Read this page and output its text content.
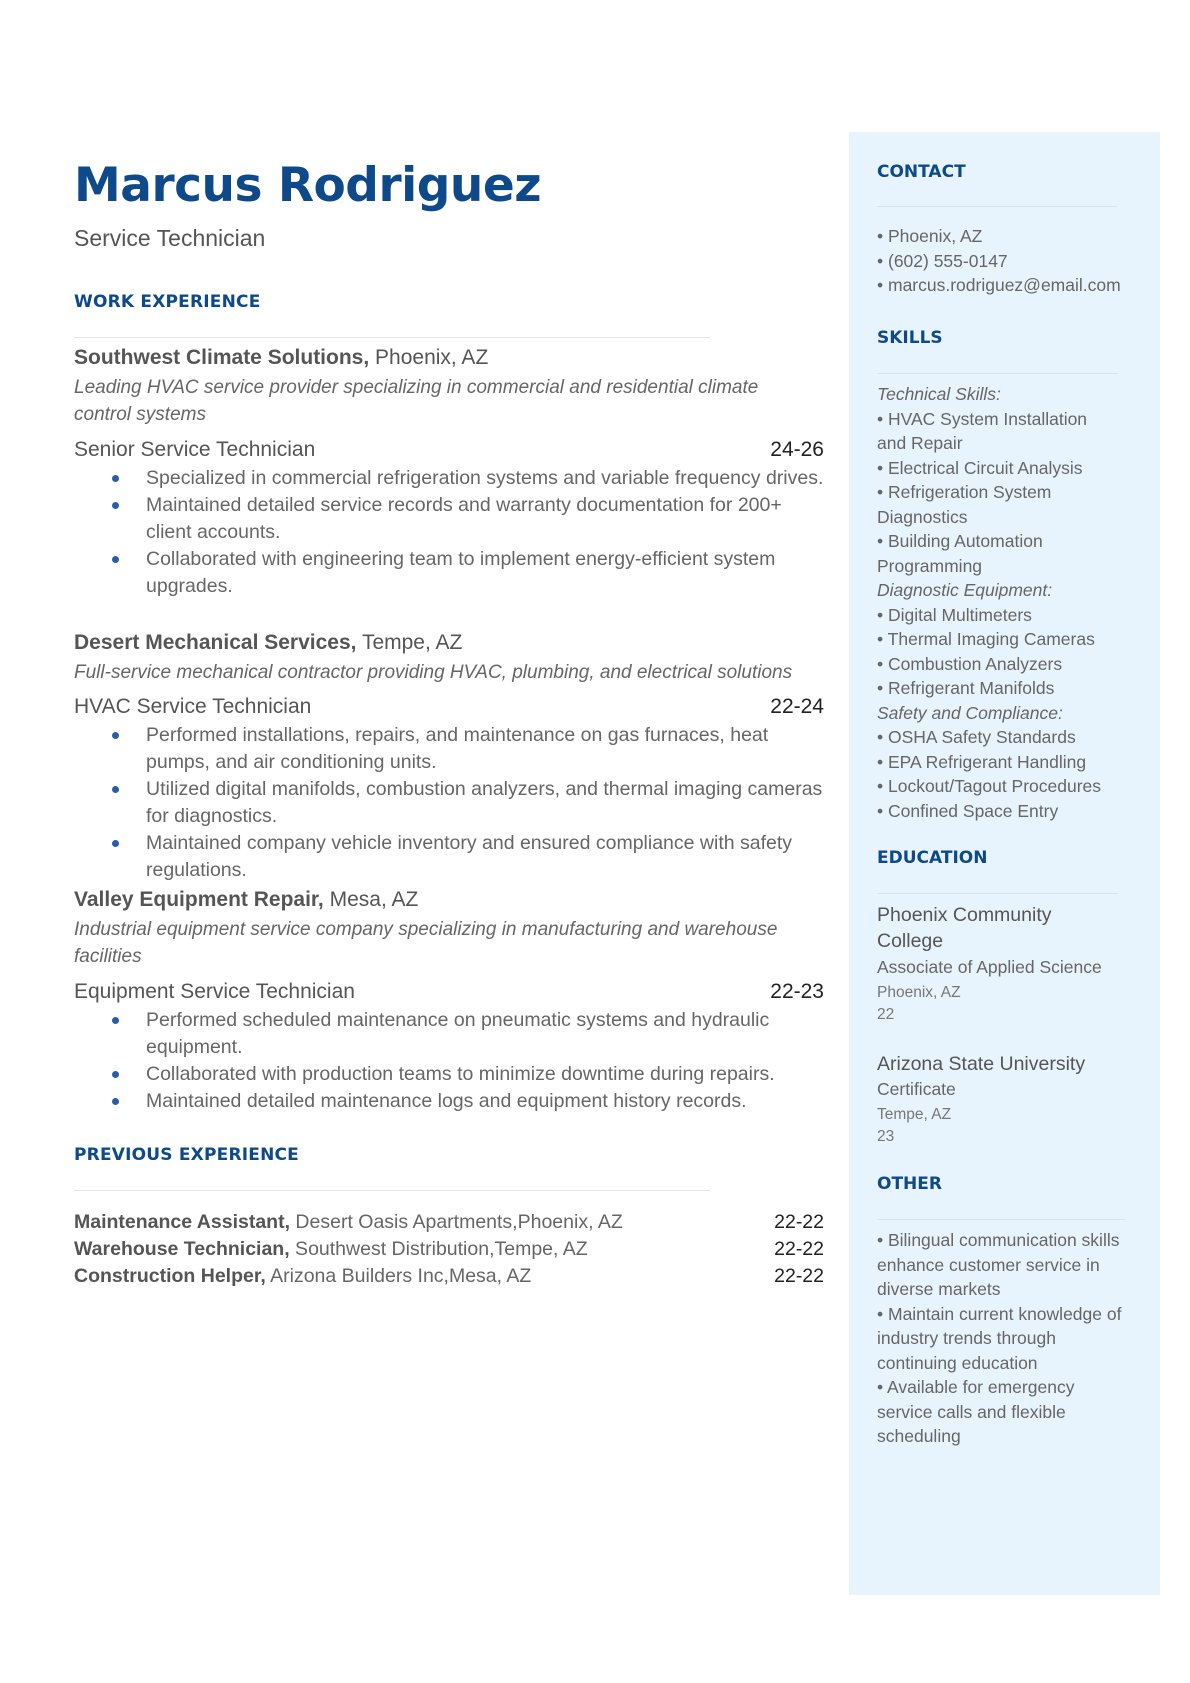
Marcus Rodriguez
Service Technician
WORK EXPERIENCE
Southwest Climate Solutions, Phoenix, AZ
Leading HVAC service provider specializing in commercial and residential climate control systems
Senior Service Technician	24-26
Specialized in commercial refrigeration systems and variable frequency drives.
Maintained detailed service records and warranty documentation for 200+ client accounts.
Collaborated with engineering team to implement energy-efficient system upgrades.
Desert Mechanical Services, Tempe, AZ
Full-service mechanical contractor providing HVAC, plumbing, and electrical solutions
HVAC Service Technician	22-24
Performed installations, repairs, and maintenance on gas furnaces, heat pumps, and air conditioning units.
Utilized digital manifolds, combustion analyzers, and thermal imaging cameras for diagnostics.
Maintained company vehicle inventory and ensured compliance with safety regulations.
Valley Equipment Repair, Mesa, AZ
Industrial equipment service company specializing in manufacturing and warehouse facilities
Equipment Service Technician	22-23
Performed scheduled maintenance on pneumatic systems and hydraulic equipment.
Collaborated with production teams to minimize downtime during repairs.
Maintained detailed maintenance logs and equipment history records.
PREVIOUS EXPERIENCE
Maintenance Assistant, Desert Oasis Apartments,Phoenix, AZ	22-22
Warehouse Technician, Southwest Distribution,Tempe, AZ	22-22
Construction Helper, Arizona Builders Inc,Mesa, AZ	22-22
CONTACT
• Phoenix, AZ
• (602) 555-0147
• marcus.rodriguez@email.com
SKILLS
Technical Skills:
• HVAC System Installation and Repair
• Electrical Circuit Analysis
• Refrigeration System Diagnostics
• Building Automation Programming
Diagnostic Equipment:
• Digital Multimeters
• Thermal Imaging Cameras
• Combustion Analyzers
• Refrigerant Manifolds
Safety and Compliance:
• OSHA Safety Standards
• EPA Refrigerant Handling
• Lockout/Tagout Procedures
• Confined Space Entry
EDUCATION
Phoenix Community College
Associate of Applied Science
Phoenix, AZ
22
Arizona State University
Certificate
Tempe, AZ
23
OTHER
• Bilingual communication skills enhance customer service in diverse markets
• Maintain current knowledge of industry trends through continuing education
• Available for emergency service calls and flexible scheduling
